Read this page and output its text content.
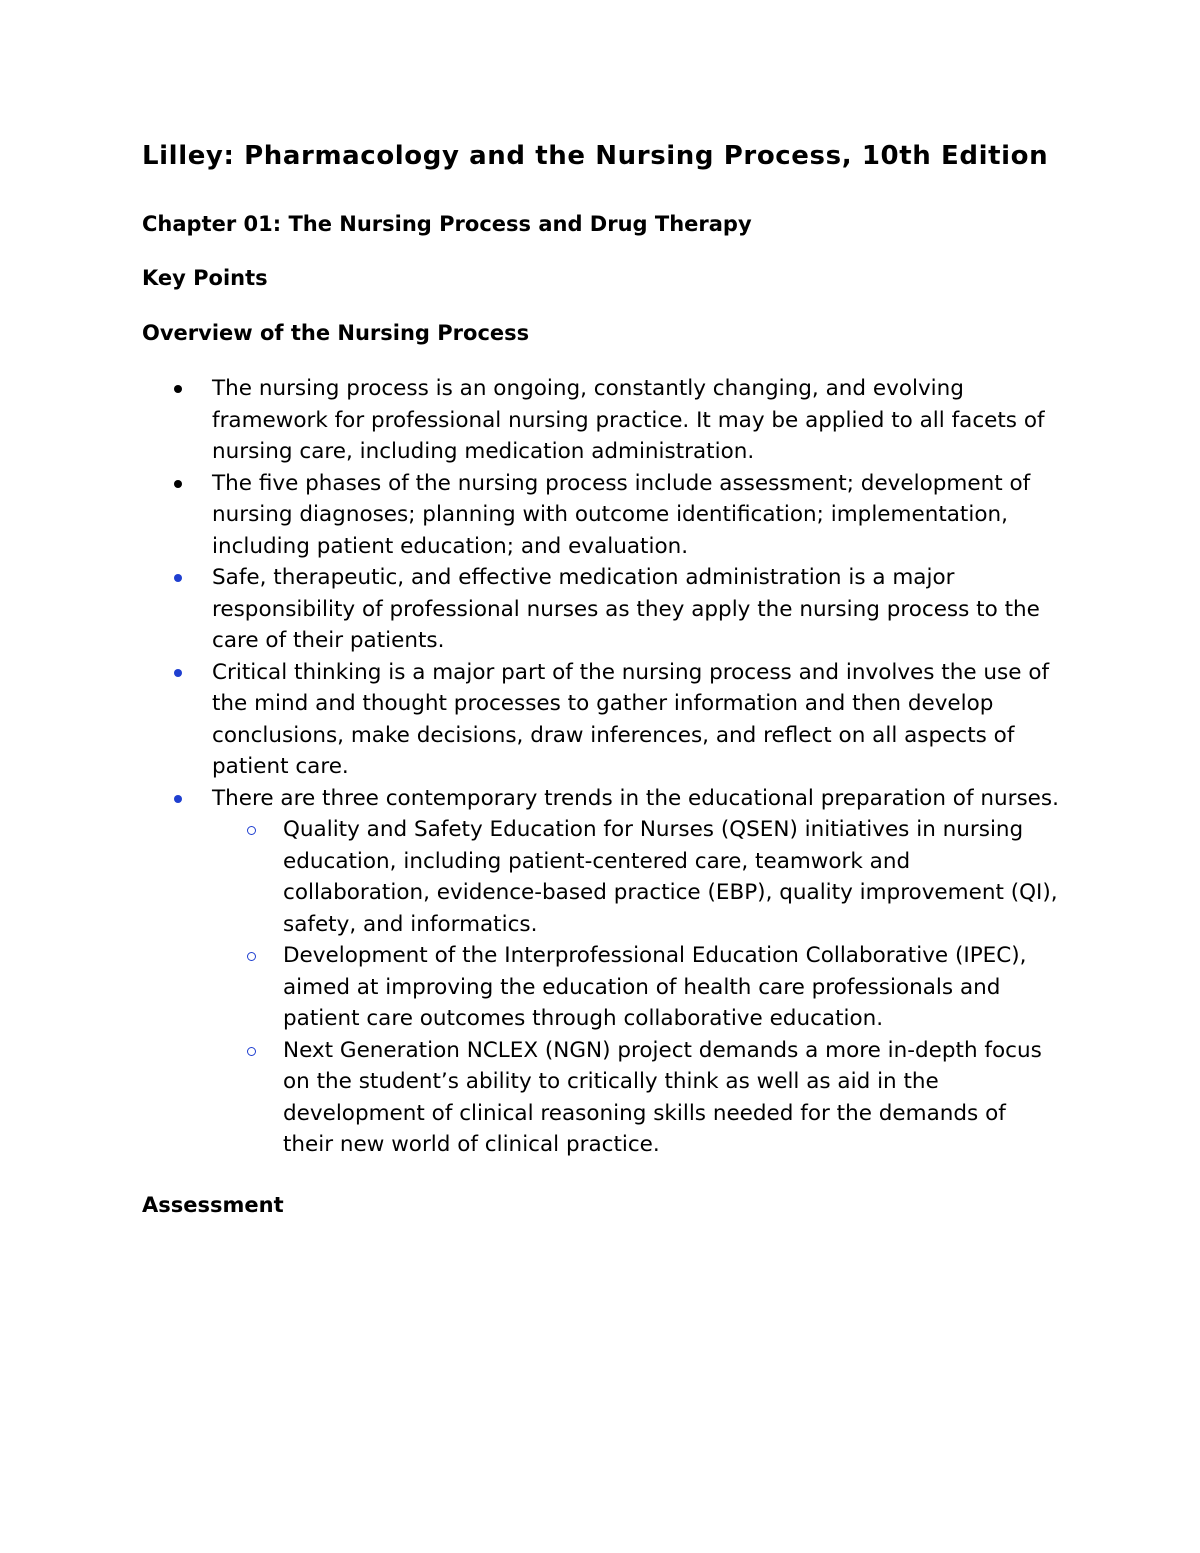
Lilley: Pharmacology and the Nursing Process, 10th Edition
Chapter 01: The Nursing Process and Drug Therapy
Key Points
Overview of the Nursing Process
The nursing process is an ongoing, constantly changing, and evolving framework for professional nursing practice. It may be applied to all facets of nursing care, including medication administration.
The five phases of the nursing process include assessment; development of nursing diagnoses; planning with outcome identification; implementation, including patient education; and evaluation.
Safe, therapeutic, and effective medication administration is a major responsibility of professional nurses as they apply the nursing process to the care of their patients.
Critical thinking is a major part of the nursing process and involves the use of the mind and thought processes to gather information and then develop conclusions, make decisions, draw inferences, and reflect on all aspects of patient care.
There are three contemporary trends in the educational preparation of nurses.
Quality and Safety Education for Nurses (QSEN) initiatives in nursing education, including patient-centered care, teamwork and collaboration, evidence-based practice (EBP), quality improvement (QI), safety, and informatics.
Development of the Interprofessional Education Collaborative (IPEC), aimed at improving the education of health care professionals and patient care outcomes through collaborative education.
Next Generation NCLEX (NGN) project demands a more in-depth focus on the student’s ability to critically think as well as aid in the development of clinical reasoning skills needed for the demands of their new world of clinical practice.
Assessment
